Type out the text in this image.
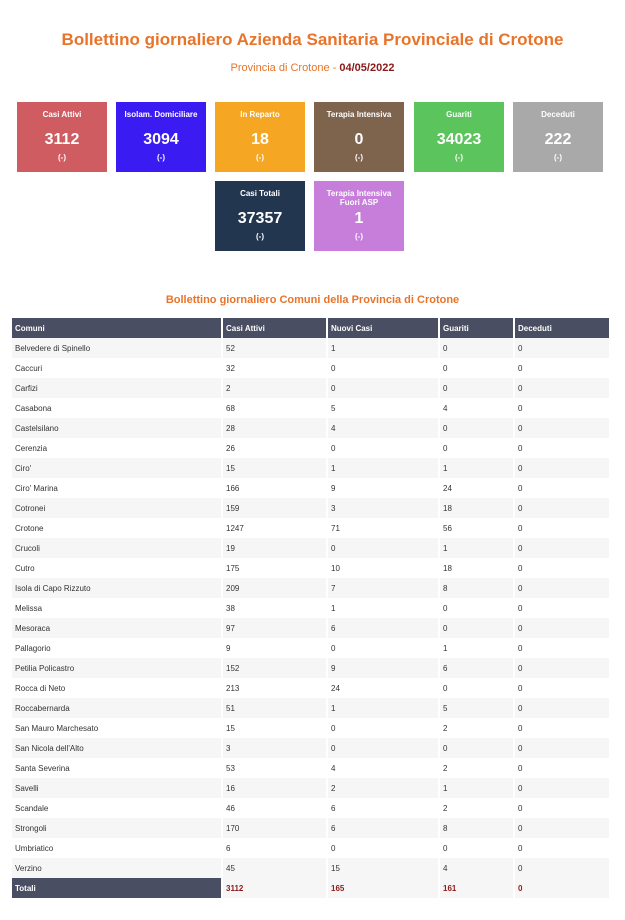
Bollettino giornaliero Azienda Sanitaria Provinciale di Crotone
Provincia di Crotone - 04/05/2022
Casi Attivi
3112
(-)
Isolam. Domiciliare
3094
(-)
In Reparto
18
(-)
Terapia Intensiva
0
(-)
Guariti
34023
(-)
Deceduti
222
(-)
Casi Totali
37357
(-)
Terapia Intensiva Fuori ASP
1
(-)
Bollettino giornaliero Comuni della Provincia di Crotone
Comuni	Casi Attivi	Nuovi Casi	Guariti	Deceduti
Belvedere di Spinello	52	1	0	0
Caccuri	32	0	0	0
Carfizi	2	0	0	0
Casabona	68	5	4	0
Castelsilano	28	4	0	0
Cerenzia	26	0	0	0
Ciro'	15	1	1	0
Ciro' Marina	166	9	24	0
Cotronei	159	3	18	0
Crotone	1247	71	56	0
Crucoli	19	0	1	0
Cutro	175	10	18	0
Isola di Capo Rizzuto	209	7	8	0
Melissa	38	1	0	0
Mesoraca	97	6	0	0
Pallagorio	9	0	1	0
Petilia Policastro	152	9	6	0
Rocca di Neto	213	24	0	0
Roccabernarda	51	1	5	0
San Mauro Marchesato	15	0	2	0
San Nicola dell'Alto	3	0	0	0
Santa Severina	53	4	2	0
Savelli	16	2	1	0
Scandale	46	6	2	0
Strongoli	170	6	8	0
Umbriatico	6	0	0	0
Verzino	45	15	4	0
Totali	3112	165	161	0
